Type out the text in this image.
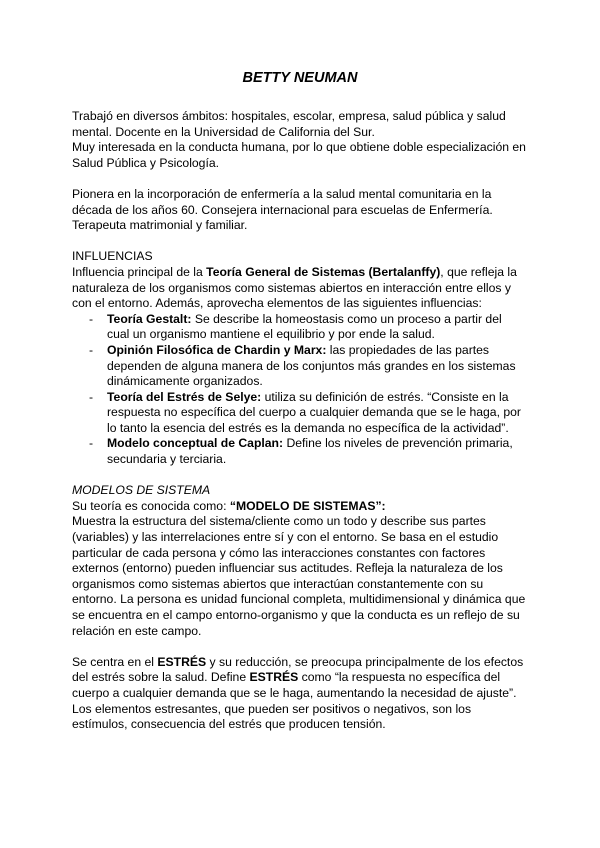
BETTY NEUMAN

Trabajó en diversos ámbitos: hospitales, escolar, empresa, salud pública y salud mental. Docente en la Universidad de California del Sur.

Muy interesada en la conducta humana, por lo que obtiene doble especialización en Salud Pública y Psicología.

Pionera en la incorporación de enfermería a la salud mental comunitaria en la década de los años 60. Consejera internacional para escuelas de Enfermería. Terapeuta matrimonial y familiar.

INFLUENCIAS

Influencia principal de la Teoría General de Sistemas (Bertalanffy), que refleja la naturaleza de los organismos como sistemas abiertos en interacción entre ellos y con el entorno. Además, aprovecha elementos de las siguientes influencias:

- Teoría Gestalt: Se describe la homeostasis como un proceso a partir del cual un organismo mantiene el equilibrio y por ende la salud.
- Opinión Filosófica de Chardin y Marx: las propiedades de las partes dependen de alguna manera de los conjuntos más grandes en los sistemas dinámicamente organizados.
- Teoría del Estrés de Selye: utiliza su definición de estrés. “Consiste en la respuesta no específica del cuerpo a cualquier demanda que se le haga, por lo tanto la esencia del estrés es la demanda no específica de la actividad”.
- Modelo conceptual de Caplan: Define los niveles de prevención primaria, secundaria y terciaria.

MODELOS DE SISTEMA

Su teoría es conocida como: “MODELO DE SISTEMAS”:

Muestra la estructura del sistema/cliente como un todo y describe sus partes (variables) y las interrelaciones entre sí y con el entorno. Se basa en el estudio particular de cada persona y cómo las interacciones constantes con factores externos (entorno) pueden influenciar sus actitudes. Refleja la naturaleza de los organismos como sistemas abiertos que interactúan constantemente con su entorno. La persona es unidad funcional completa, multidimensional y dinámica que se encuentra en el campo entorno-organismo y que la conducta es un reflejo de su relación en este campo.

Se centra en el ESTRÉS y su reducción, se preocupa principalmente de los efectos del estrés sobre la salud. Define ESTRÉS como “la respuesta no específica del cuerpo a cualquier demanda que se le haga, aumentando la necesidad de ajuste”. Los elementos estresantes, que pueden ser positivos o negativos, son los estímulos, consecuencia del estrés que producen tensión.
